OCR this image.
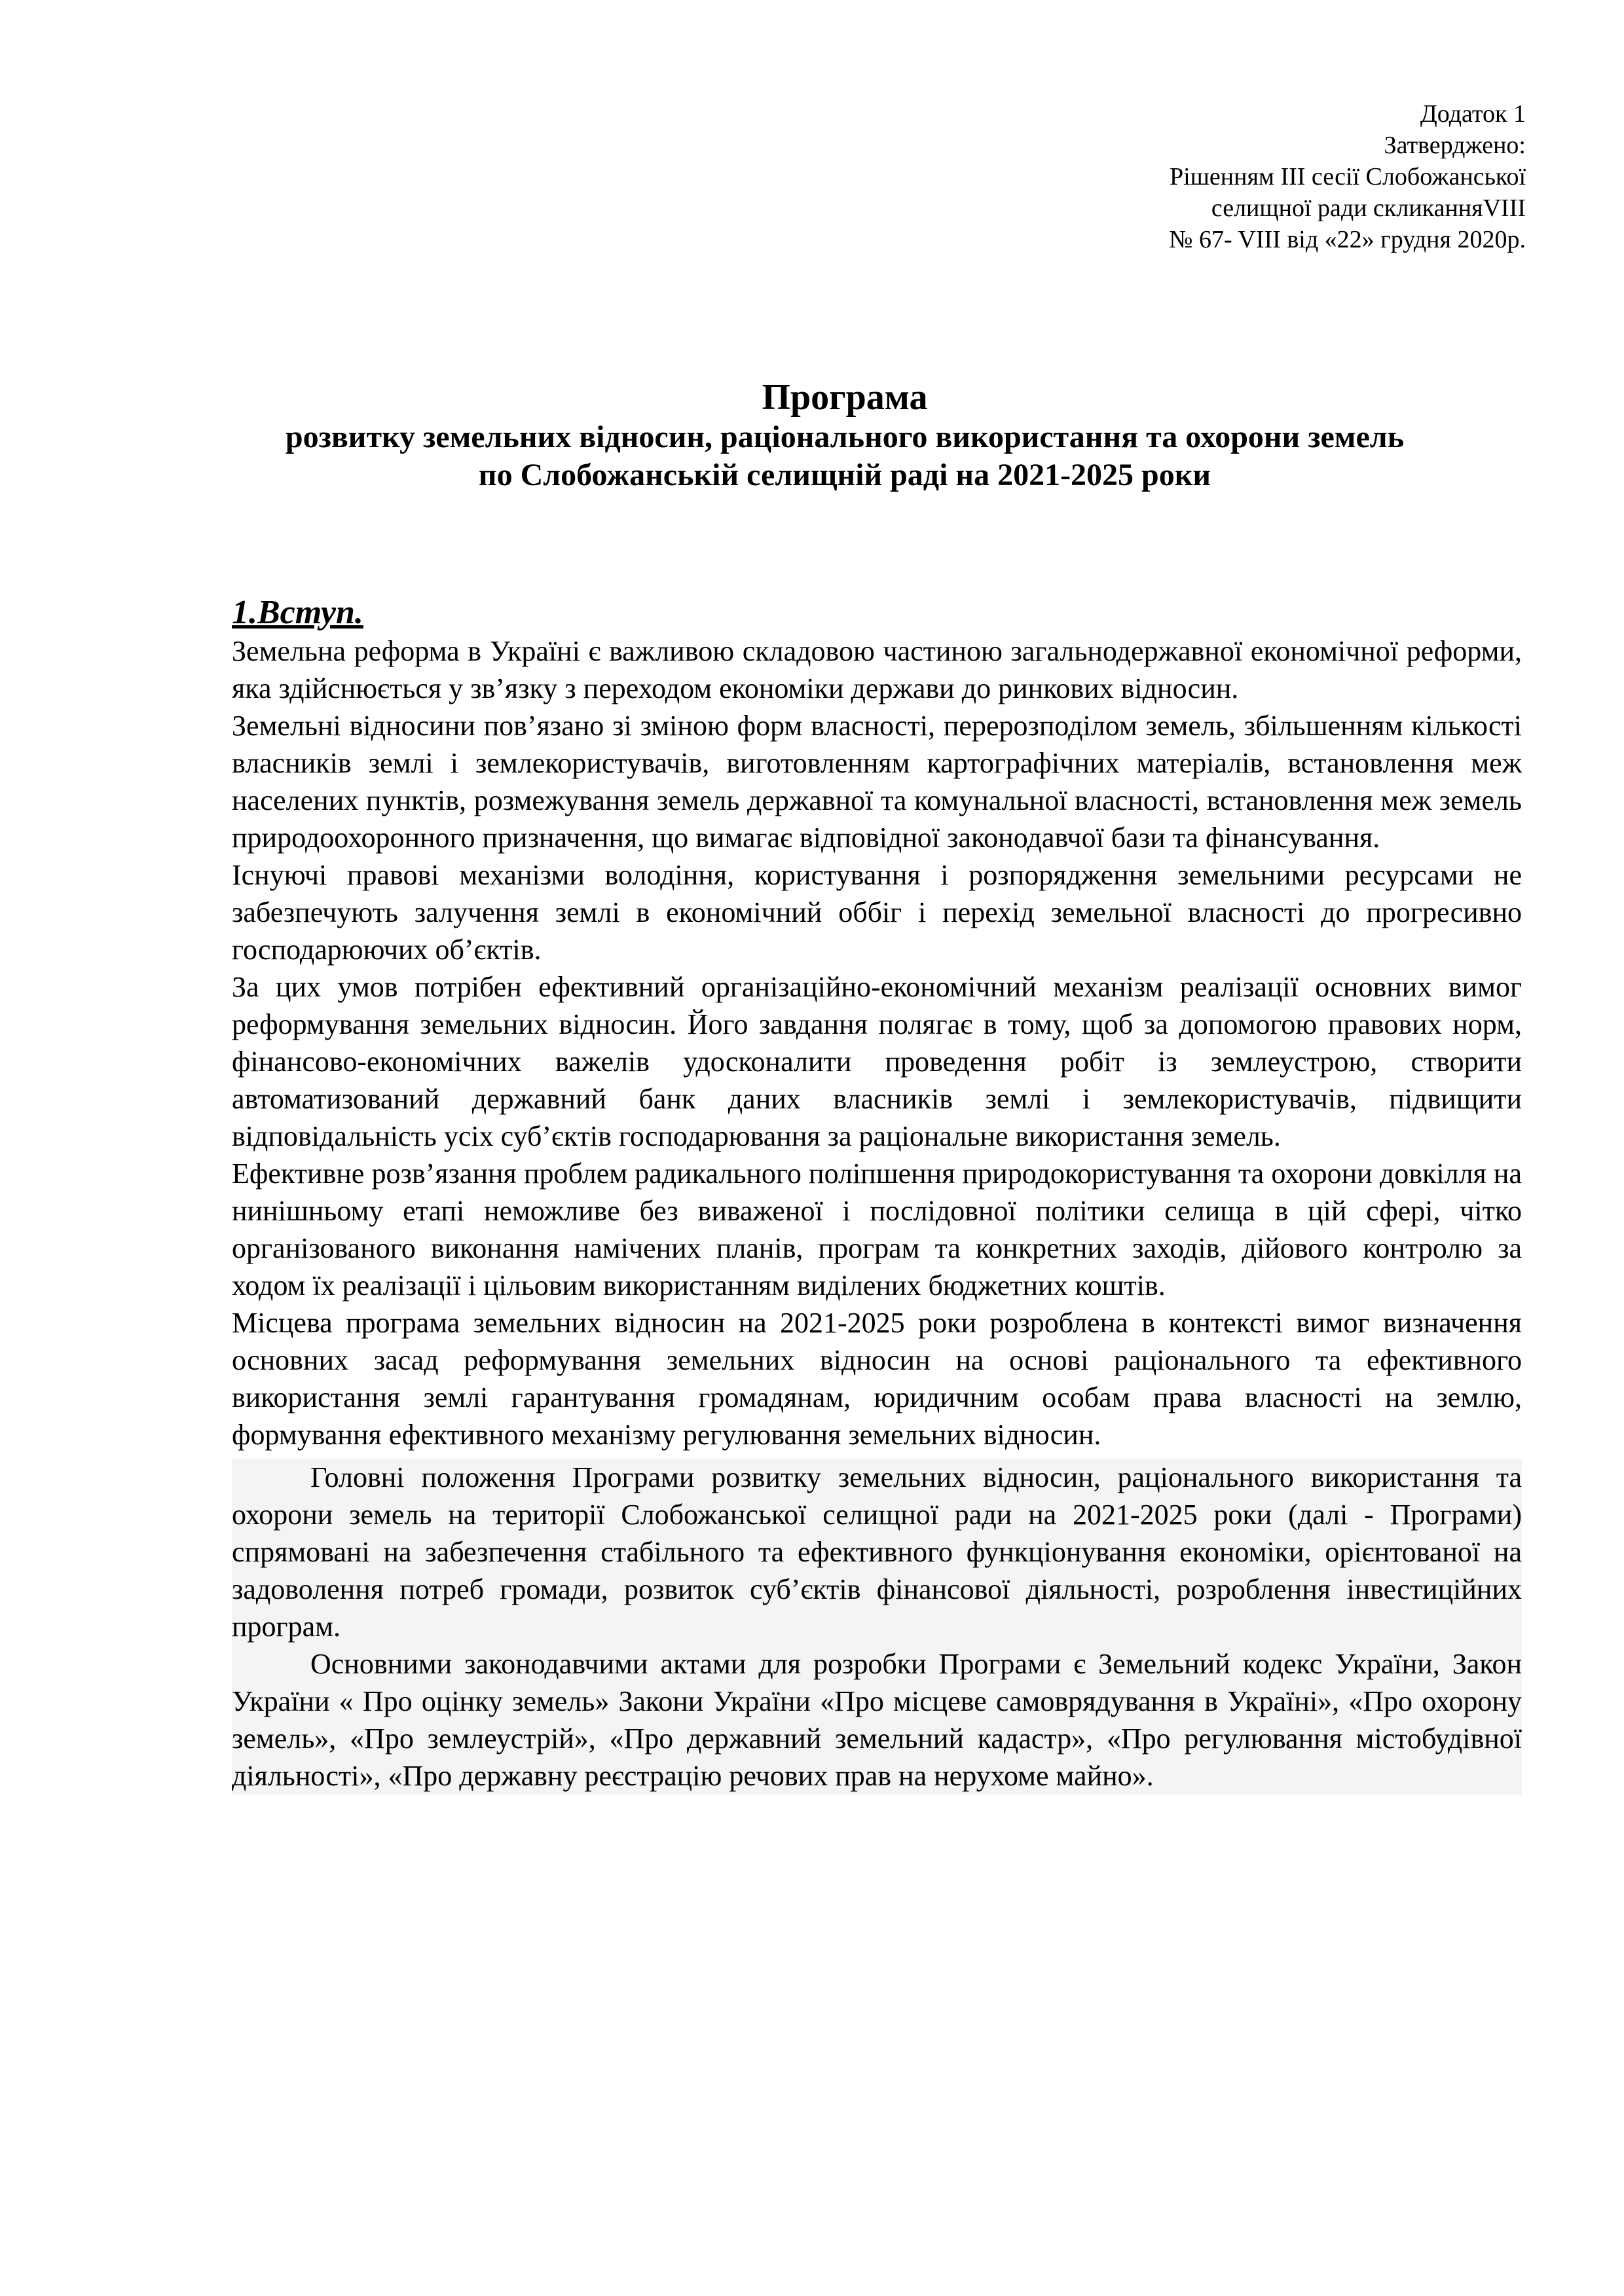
Додаток 1
Затверджено:
Рішенням ІІІ сесії Слобожанської
селищної ради скликанняVIII
№ 67- VIII від «22» грудня 2020р.
Програма
розвитку земельних відносин, раціонального використання та охорони земель
по Слобожанській селищній раді на 2021-2025 роки
1.Вступ.

Земельна реформа в Україні є важливою складовою частиною загальнодержавної економічної реформи, яка здійснюється у зв’язку з переходом економіки держави до ринкових відносин.

Земельні відносини пов’язано зі зміною форм власності, перерозподілом земель, збільшенням кількості власників землі і землекористувачів, виготовленням картографічних матеріалів, встановлення меж населених пунктів, розмежування земель державної та комунальної власності, встановлення меж земель природоохоронного призначення, що вимагає відповідної законодавчої бази та фінансування.

Існуючі правові механізми володіння, користування і розпорядження земельними ресурсами не забезпечують залучення землі в економічний оббіг і перехід земельної власності до прогресивно господарюючих об’єктів.

За цих умов потрібен ефективний організаційно-економічний механізм реалізації основних вимог реформування земельних відносин. Його завдання полягає в тому, щоб за допомогою правових норм, фінансово-економічних важелів удосконалити проведення робіт із землеустрою, створити автоматизований державний банк даних власників землі і землекористувачів, підвищити відповідальність усіх суб’єктів господарювання за раціональне використання земель.

Ефективне розв’язання проблем радикального поліпшення природокористування та охорони довкілля на нинішньому етапі неможливе без виваженої і послідовної політики селища в цій сфері, чітко організованого виконання намічених планів, програм та конкретних заходів, дійового контролю за ходом їх реалізації і цільовим використанням виділених бюджетних коштів.

Місцева програма земельних відносин на 2021-2025 роки розроблена в контексті вимог визначення основних засад реформування земельних відносин на основі раціонального та ефективного використання землі гарантування громадянам, юридичним особам права власності на землю, формування ефективного механізму регулювання земельних відносин.

Головні положення Програми розвитку земельних відносин, раціонального використання та охорони земель на території Слобожанської селищної ради на 2021-2025 роки (далі - Програми) спрямовані на забезпечення стабільного та ефективного функціонування економіки, орієнтованої на задоволення потреб громади, розвиток суб’єктів фінансової діяльності, розроблення інвестиційних програм.

Основними законодавчими актами для розробки Програми є Земельний кодекс України, Закон України « Про оцінку земель» Закони України «Про місцеве самоврядування в Україні», «Про охорону земель», «Про землеустрій», «Про державний земельний кадастр», «Про регулювання містобудівної діяльності», «Про державну реєстрацію речових прав на нерухоме майно».
